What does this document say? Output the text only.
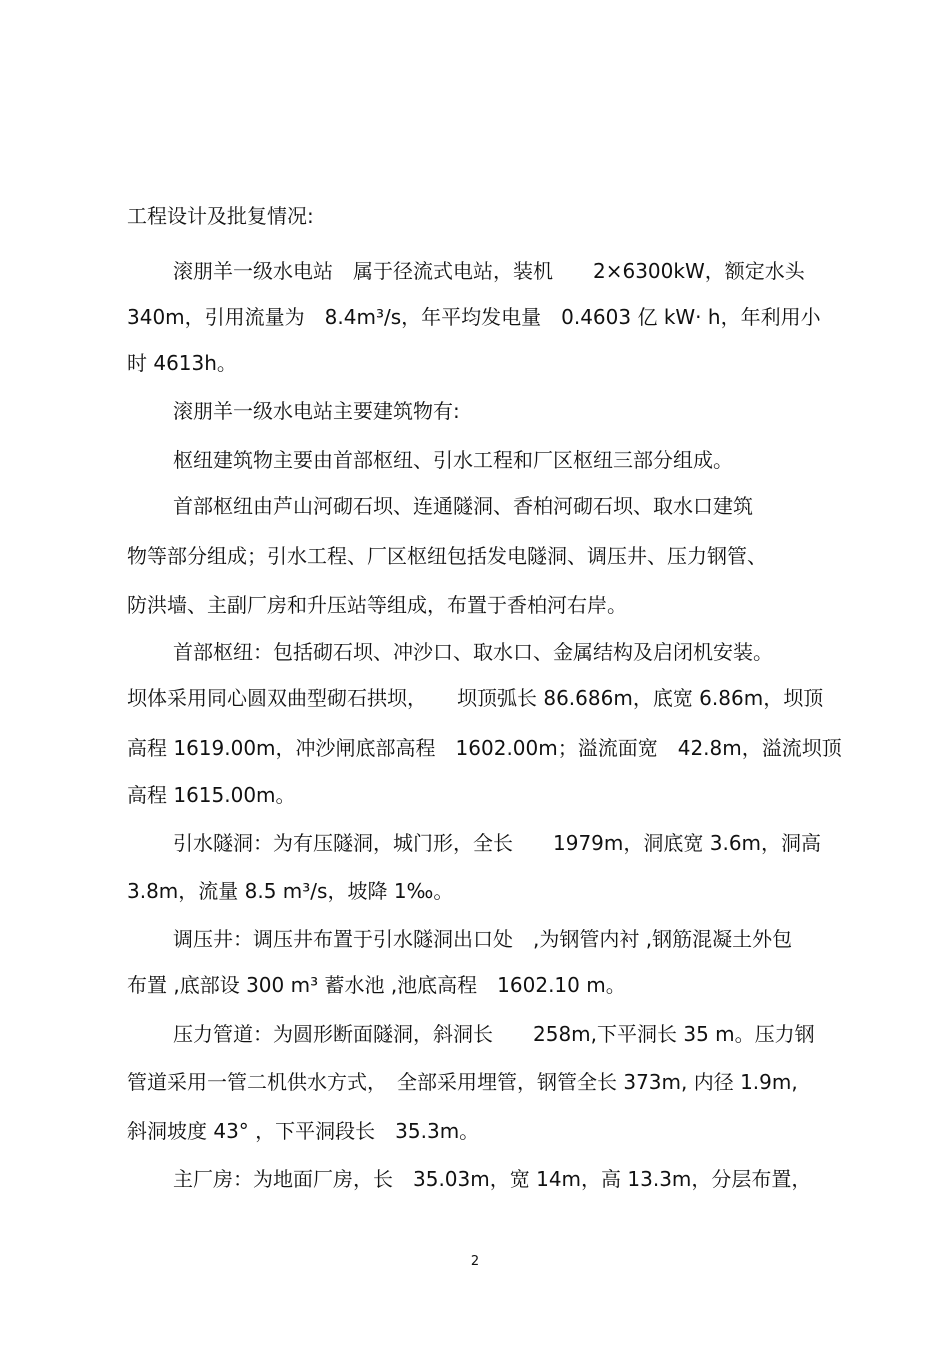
工程设计及批复情况:
滚朋羊一级水电站　属于径流式电站，装机　　2×6300kW，额定水头
340m，引用流量为　8.4m³/s，年平均发电量　0.4603 亿 kW· h，年利用小
时 4613h。
滚朋羊一级水电站主要建筑物有:
枢纽建筑物主要由首部枢纽、引水工程和厂区枢纽三部分组成。
首部枢纽由芦山河砌石坝、连通隧洞、香柏河砌石坝、取水口建筑
物等部分组成；引水工程、厂区枢纽包括发电隧洞、调压井、压力钢管、
防洪墙、主副厂房和升压站等组成，布置于香柏河右岸。
首部枢纽：包括砌石坝、冲沙口、取水口、金属结构及启闭机安装。
坝体采用同心圆双曲型砌石拱坝，　　坝顶弧长 86.686m，底宽 6.86m，坝顶
高程 1619.00m，冲沙闸底部高程　1602.00m；溢流面宽　42.8m，溢流坝顶
高程 1615.00m。
引水隧洞：为有压隧洞，城门形，全长　　1979m，洞底宽 3.6m，洞高
3.8m，流量 8.5 m³/s，坡降 1‰。
调压井：调压井布置于引水隧洞出口处　,为钢管内衬 ,钢筋混凝土外包
布置 ,底部设 300 m³ 蓄水池 ,池底高程　1602.10 m。
压力管道：为圆形断面隧洞，斜洞长　　258m,下平洞长 35 m。压力钢
管道采用一管二机供水方式，　全部采用埋管，钢管全长 373m, 内径 1.9m,
斜洞坡度 43° ，下平洞段长　35.3m。
主厂房：为地面厂房，长　35.03m，宽 14m，高 13.3m，分层布置，
2
